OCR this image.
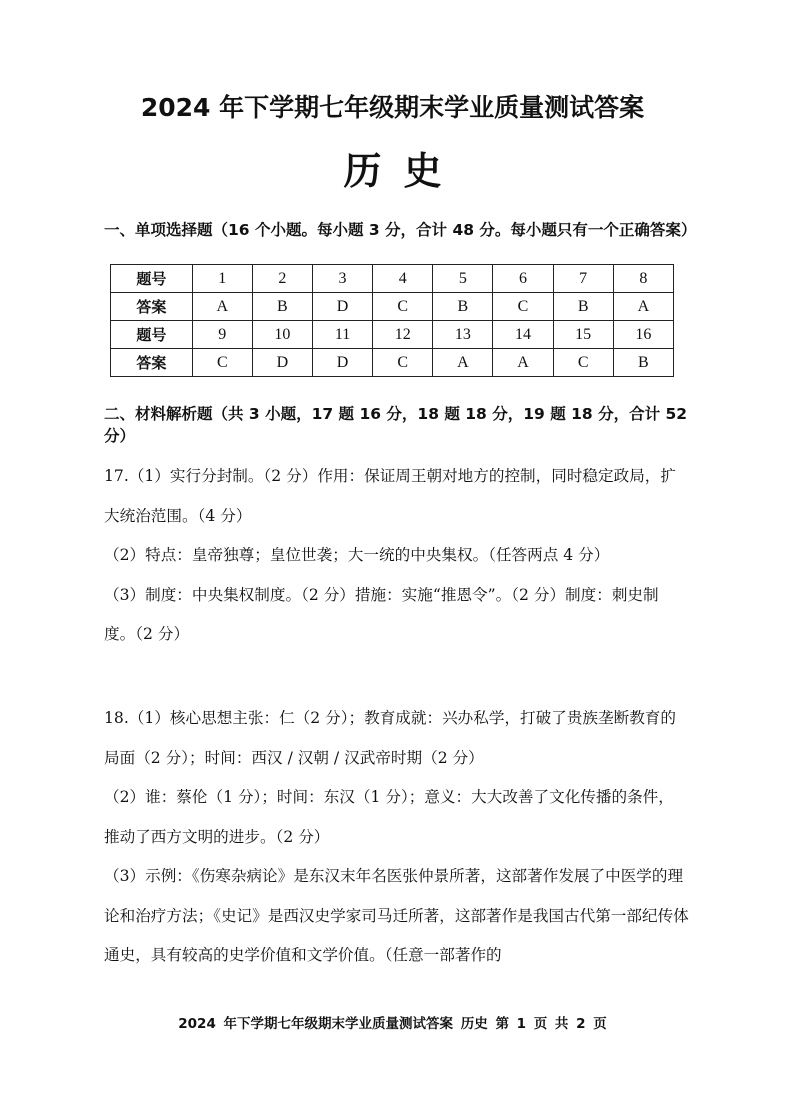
2024 年下学期七年级期末学业质量测试答案
历史
一、单项选择题（16 个小题。每小题 3 分，合计 48 分。每小题只有一个正确答案）
题号	1	2	3	4	5	6	7	8
答案	A	B	D	C	B	C	B	A
题号	9	10	11	12	13	14	15	16
答案	C	D	D	C	A	A	C	B
二、材料解析题（共 3 小题，17 题 16 分，18 题 18 分，19 题 18 分，合计 52 分）
17.（1）实行分封制。（2 分）作用：保证周王朝对地方的控制，同时稳定政局，扩大统治范围。（4 分）
（2）特点：皇帝独尊；皇位世袭；大一统的中央集权。（任答两点 4 分）
（3）制度：中央集权制度。（2 分）措施：实施“推恩令”。（2 分）制度：刺史制度。（2 分）
18.（1）核心思想主张：仁（2 分）；教育成就：兴办私学，打破了贵族垄断教育的局面（2 分）；时间：西汉 / 汉朝 / 汉武帝时期（2 分）
（2）谁：蔡伦（1 分）；时间：东汉（1 分）；意义：大大改善了文化传播的条件，推动了西方文明的进步。（2 分）
（3）示例：《伤寒杂病论》是东汉末年名医张仲景所著，这部著作发展了中医学的理论和治疗方法；《史记》是西汉史学家司马迁所著，这部著作是我国古代第一部纪传体通史，具有较高的史学价值和文学价值。（任意一部著作的
2024 年下学期七年级期末学业质量测试答案 历史 第 1 页 共 2 页
